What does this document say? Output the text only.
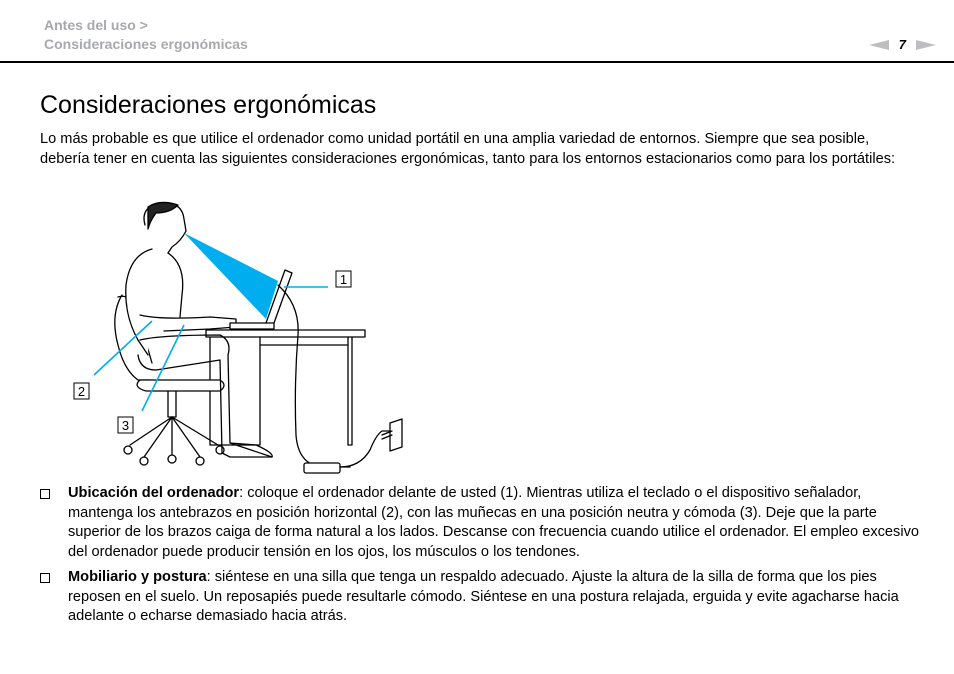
Antes del uso >
Consideraciones ergonómicas	7
Consideraciones ergonómicas

Lo más probable es que utilice el ordenador como unidad portátil en una amplia variedad de entornos. Siempre que sea posible, debería tener en cuenta las siguientes consideraciones ergonómicas, tanto para los entornos estacionarios como para los portátiles:

1
2
3
Ubicación del ordenador: coloque el ordenador delante de usted (1). Mientras utiliza el teclado o el dispositivo señalador, mantenga los antebrazos en posición horizontal (2), con las muñecas en una posición neutra y cómoda (3). Deje que la parte superior de los brazos caiga de forma natural a los lados. Descanse con frecuencia cuando utilice el ordenador. El empleo excesivo del ordenador puede producir tensión en los ojos, los músculos o los tendones.
Mobiliario y postura: siéntese en una silla que tenga un respaldo adecuado. Ajuste la altura de la silla de forma que los pies reposen en el suelo. Un reposapiés puede resultarle cómodo. Siéntese en una postura relajada, erguida y evite agacharse hacia adelante o echarse demasiado hacia atrás.
